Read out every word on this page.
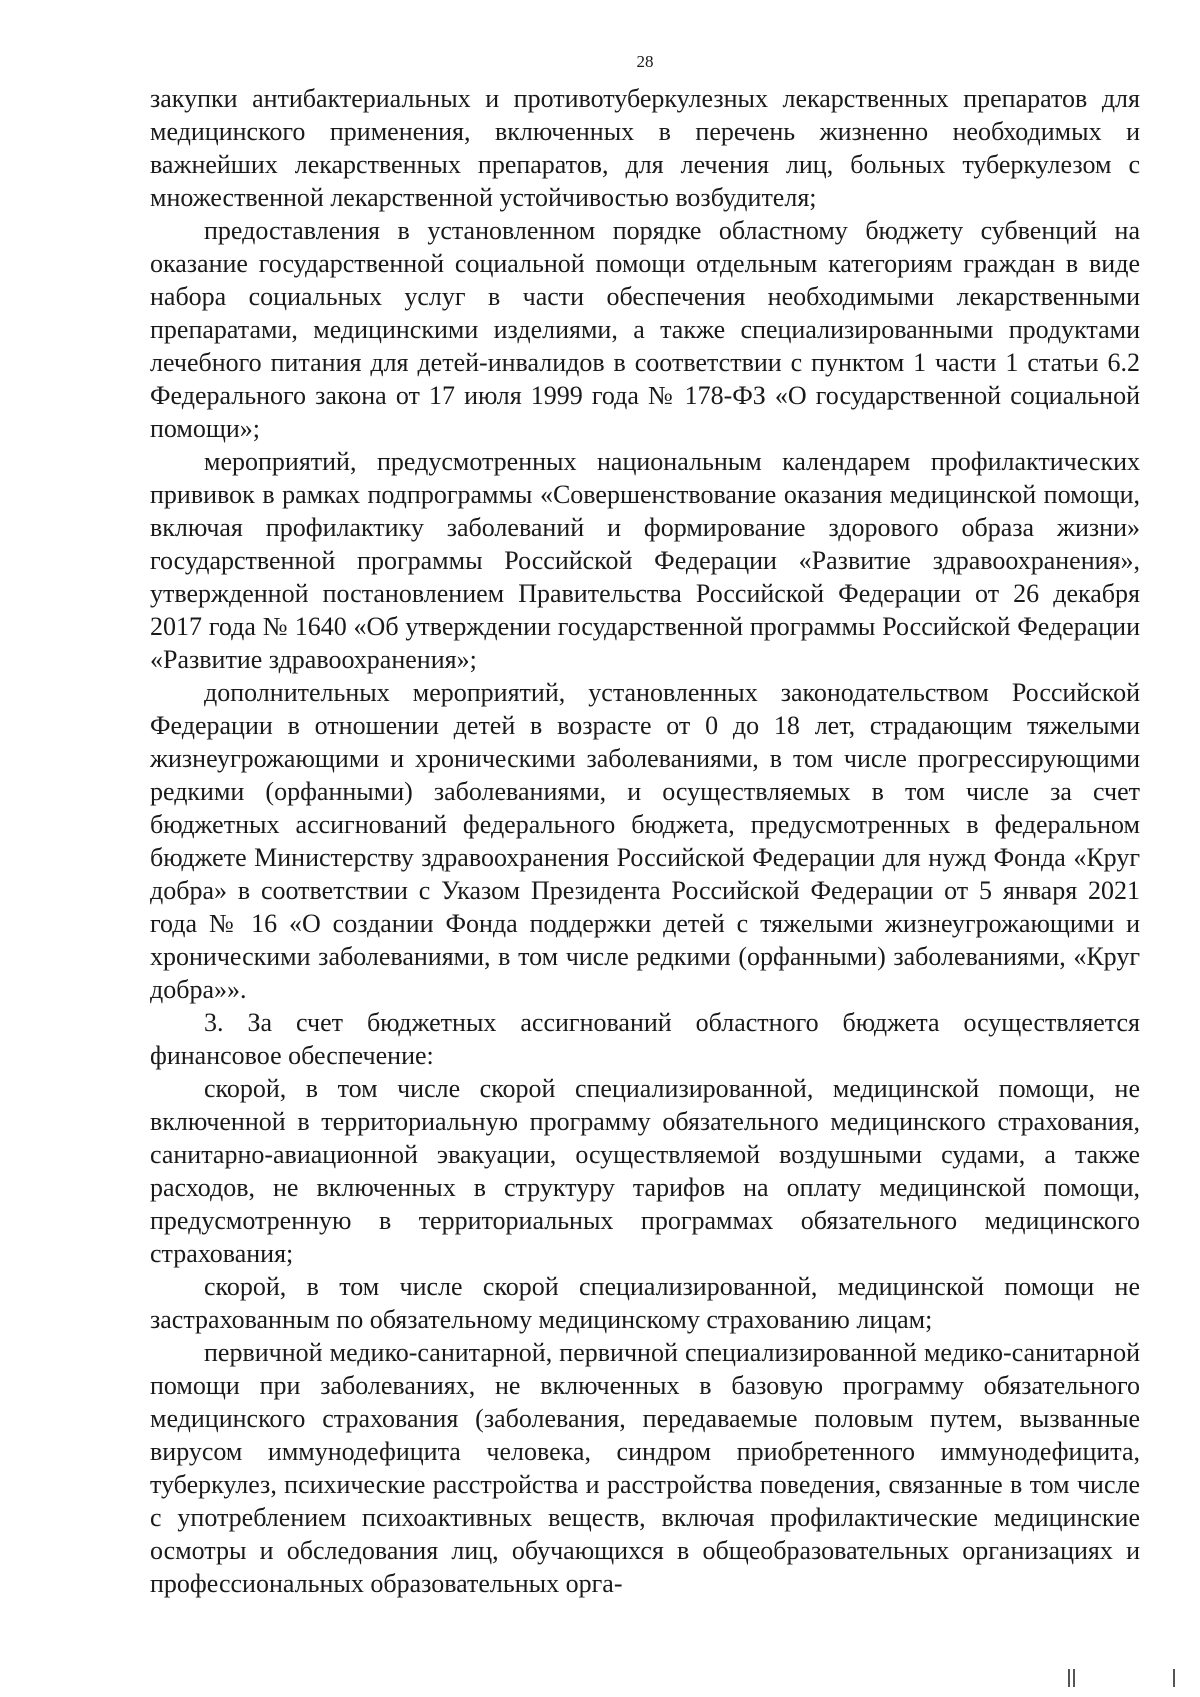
28

закупки антибактериальных и противотуберкулезных лекарственных препаратов для медицинского применения, включенных в перечень жизненно необходимых и важнейших лекарственных препаратов, для лечения лиц, больных туберкулезом с множественной лекарственной устойчивостью возбудителя;

предоставления в установленном порядке областному бюджету субвенций на оказание государственной социальной помощи отдельным категориям граждан в виде набора социальных услуг в части обеспечения необходимыми лекарственными препаратами, медицинскими изделиями, а также специализированными продуктами лечебного питания для детей-инвалидов в соответствии с пунктом 1 части 1 статьи 6.2 Федерального закона от 17 июля 1999 года № 178-ФЗ «О государственной социальной помощи»;

мероприятий, предусмотренных национальным календарем профилактических прививок в рамках подпрограммы «Совершенствование оказания медицинской помощи, включая профилактику заболеваний и формирование здорового образа жизни» государственной программы Российской Федерации «Развитие здравоохранения», утвержденной постановлением Правительства Российской Федерации от 26 декабря 2017 года № 1640 «Об утверждении государственной программы Российской Федерации «Развитие здравоохранения»;

дополнительных мероприятий, установленных законодательством Российской Федерации в отношении детей в возрасте от 0 до 18 лет, страдающим тяжелыми жизнеугрожающими и хроническими заболеваниями, в том числе прогрессирующими редкими (орфанными) заболеваниями, и осуществляемых в том числе за счет бюджетных ассигнований федерального бюджета, предусмотренных в федеральном бюджете Министерству здравоохранения Российской Федерации для нужд Фонда «Круг добра» в соответствии с Указом Президента Российской Федерации от 5 января 2021 года № 16 «О создании Фонда поддержки детей с тяжелыми жизнеугрожающими и хроническими заболеваниями, в том числе редкими (орфанными) заболеваниями, «Круг добра»».

3. За счет бюджетных ассигнований областного бюджета осуществляется финансовое обеспечение:

скорой, в том числе скорой специализированной, медицинской помощи, не включенной в территориальную программу обязательного медицинского страхования, санитарно-авиационной эвакуации, осуществляемой воздушными судами, а также расходов, не включенных в структуру тарифов на оплату медицинской помощи, предусмотренную в территориальных программах обязательного медицинского страхования;

скорой, в том числе скорой специализированной, медицинской помощи не застрахованным по обязательному медицинскому страхованию лицам;

первичной медико-санитарной, первичной специализированной медико-санитарной помощи при заболеваниях, не включенных в базовую программу обязательного медицинского страхования (заболевания, передаваемые половым путем, вызванные вирусом иммунодефицита человека, синдром приобретенного иммунодефицита, туберкулез, психические расстройства и расстройства поведения, связанные в том числе с употреблением психоактивных веществ, включая профилактические медицинские осмотры и обследования лиц, обучающихся в общеобразовательных организациях и профессиональных образовательных орга-
